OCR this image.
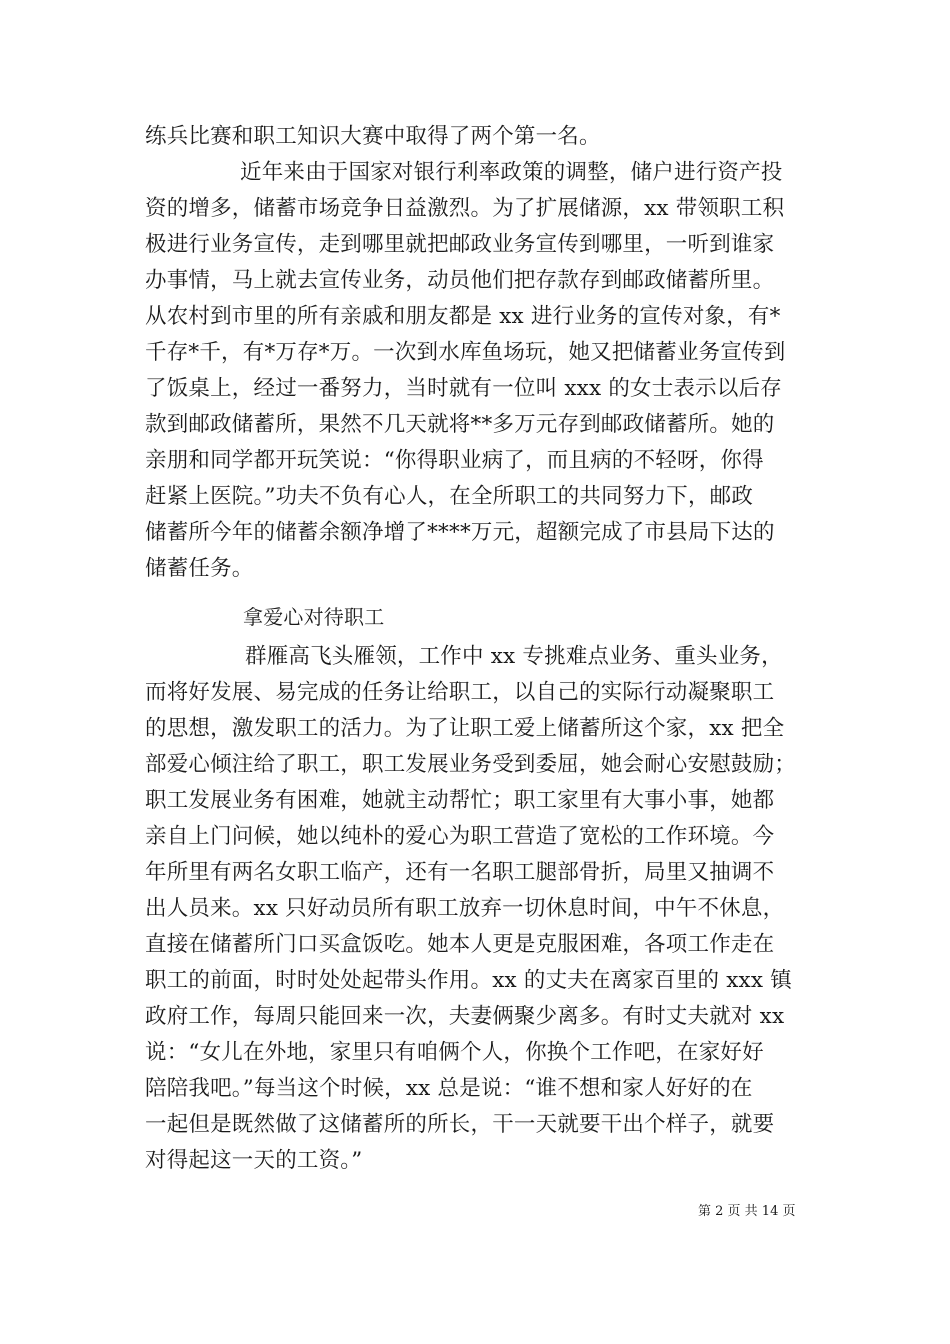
练兵比赛和职工知识大赛中取得了两个第一名。
近年来由于国家对银行利率政策的调整，储户进行资产投
资的增多，储蓄市场竞争日益激烈。为了扩展储源，xx 带领职工积
极进行业务宣传，走到哪里就把邮政业务宣传到哪里，一听到谁家
办事情，马上就去宣传业务，动员他们把存款存到邮政储蓄所里。
从农村到市里的所有亲戚和朋友都是 xx 进行业务的宣传对象，有*
千存*千，有*万存*万。一次到水库鱼场玩，她又把储蓄业务宣传到
了饭桌上，经过一番努力，当时就有一位叫 xxx 的女士表示以后存
款到邮政储蓄所，果然不几天就将**多万元存到邮政储蓄所。她的
亲朋和同学都开玩笑说：“你得职业病了，而且病的不轻呀，你得
赶紧上医院。”功夫不负有心人，在全所职工的共同努力下，邮政
储蓄所今年的储蓄余额净增了****万元，超额完成了市县局下达的
储蓄任务。
拿爱心对待职工
群雁高飞头雁领，工作中 xx 专挑难点业务、重头业务，
而将好发展、易完成的任务让给职工，以自己的实际行动凝聚职工
的思想，激发职工的活力。为了让职工爱上储蓄所这个家，xx 把全
部爱心倾注给了职工，职工发展业务受到委屈，她会耐心安慰鼓励；
职工发展业务有困难，她就主动帮忙；职工家里有大事小事，她都
亲自上门问候，她以纯朴的爱心为职工营造了宽松的工作环境。今
年所里有两名女职工临产，还有一名职工腿部骨折，局里又抽调不
出人员来。xx 只好动员所有职工放弃一切休息时间，中午不休息，
直接在储蓄所门口买盒饭吃。她本人更是克服困难，各项工作走在
职工的前面，时时处处起带头作用。xx 的丈夫在离家百里的 xxx 镇
政府工作，每周只能回来一次，夫妻俩聚少离多。有时丈夫就对 xx
说：“女儿在外地，家里只有咱俩个人，你换个工作吧，在家好好
陪陪我吧。”每当这个时候，xx 总是说：“谁不想和家人好好的在
一起但是既然做了这储蓄所的所长，干一天就要干出个样子，就要
对得起这一天的工资。”
第 2 页 共 14 页
